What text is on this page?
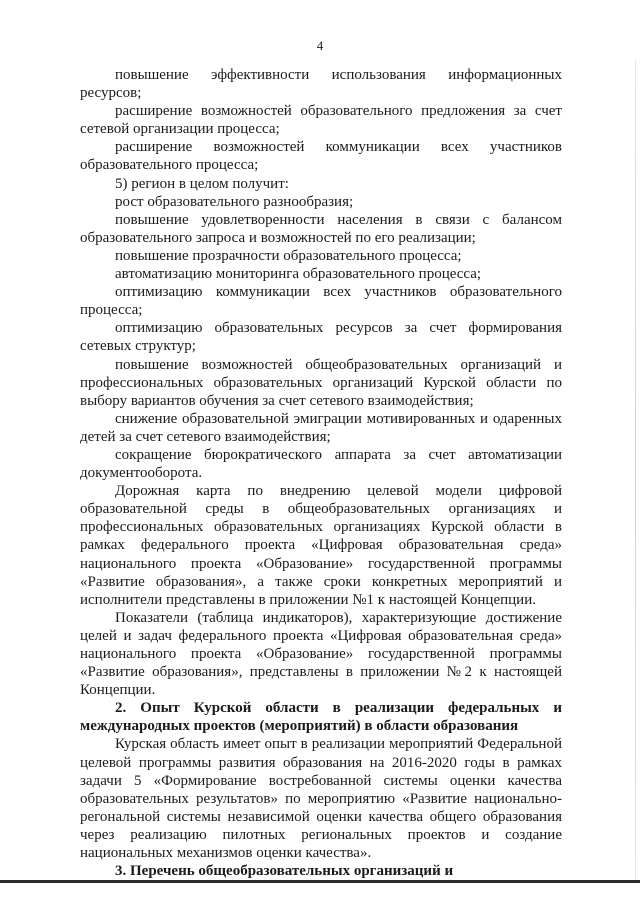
4

повышение эффективности использования информационных ресурсов;

расширение возможностей образовательного предложения за счет сетевой организации процесса;

расширение возможностей коммуникации всех участников образовательного процесса;

5) регион в целом получит:

рост образовательного разнообразия;

повышение удовлетворенности населения в связи с балансом образовательного запроса и возможностей по его реализации;

повышение прозрачности образовательного процесса;

автоматизацию мониторинга образовательного процесса;

оптимизацию коммуникации всех участников образовательного процесса;

оптимизацию образовательных ресурсов за счет формирования сетевых структур;

повышение возможностей общеобразовательных организаций и профессиональных образовательных организаций Курской области по выбору вариантов обучения за счет сетевого взаимодействия;

снижение образовательной эмиграции мотивированных и одаренных детей за счет сетевого взаимодействия;

сокращение бюрократического аппарата за счет автоматизации документооборота.

Дорожная карта по внедрению целевой модели цифровой образовательной среды в общеобразовательных организациях и профессиональных образовательных организациях Курской области в рамках федерального проекта «Цифровая образовательная среда» национального проекта «Образование» государственной программы «Развитие образования», а также сроки конкретных мероприятий и исполнители представлены в приложении №1 к настоящей Концепции.

Показатели (таблица индикаторов), характеризующие достижение целей и задач федерального проекта «Цифровая образовательная среда» национального проекта «Образование» государственной программы «Развитие образования», представлены в приложении №2 к настоящей Концепции.

2. Опыт Курской области в реализации федеральных и международных проектов (мероприятий) в области образования

Курская область имеет опыт в реализации мероприятий Федеральной целевой программы развития образования на 2016-2020 годы в рамках задачи 5 «Формирование востребованной системы оценки качества образовательных результатов» по мероприятию «Развитие национально-регональной системы независимой оценки качества общего образования через реализацию пилотных региональных проектов и создание национальных механизмов оценки качества».

3. Перечень общеобразовательных организаций и
